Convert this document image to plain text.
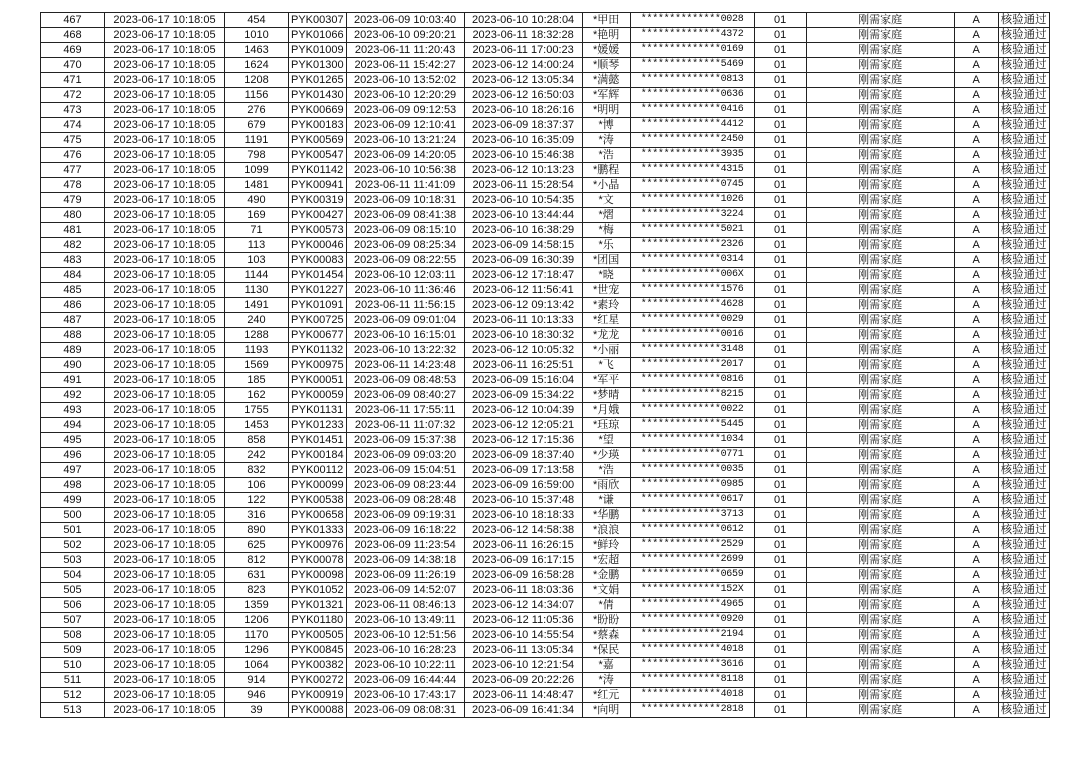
467	2023-06-17 10:18:05	454	PYK00307	2023-06-09 10:03:40	2023-06-10 10:28:04	*甲田	**************0028	01	刚需家庭	A	核验通过
468	2023-06-17 10:18:05	1010	PYK01066	2023-06-10 09:20:21	2023-06-11 18:32:28	*艳明	**************4372	01	刚需家庭	A	核验通过
469	2023-06-17 10:18:05	1463	PYK01009	2023-06-11 11:20:43	2023-06-11 17:00:23	*媛媛	**************0169	01	刚需家庭	A	核验通过
470	2023-06-17 10:18:05	1624	PYK01300	2023-06-11 15:42:27	2023-06-12 14:00:24	*顺琴	**************5469	01	刚需家庭	A	核验通过
471	2023-06-17 10:18:05	1208	PYK01265	2023-06-10 13:52:02	2023-06-12 13:05:34	*满懿	**************0813	01	刚需家庭	A	核验通过
472	2023-06-17 10:18:05	1156	PYK01430	2023-06-10 12:20:29	2023-06-12 16:50:03	*军辉	**************0636	01	刚需家庭	A	核验通过
473	2023-06-17 10:18:05	276	PYK00669	2023-06-09 09:12:53	2023-06-10 18:26:16	*明明	**************0416	01	刚需家庭	A	核验通过
474	2023-06-17 10:18:05	679	PYK00183	2023-06-09 12:10:41	2023-06-09 18:37:37	*博	**************4412	01	刚需家庭	A	核验通过
475	2023-06-17 10:18:05	1191	PYK00569	2023-06-10 13:21:24	2023-06-10 16:35:09	*涛	**************2450	01	刚需家庭	A	核验通过
476	2023-06-17 10:18:05	798	PYK00547	2023-06-09 14:20:05	2023-06-10 15:46:38	*浩	**************3935	01	刚需家庭	A	核验通过
477	2023-06-17 10:18:05	1099	PYK01142	2023-06-10 10:56:38	2023-06-12 10:13:23	*鹏程	**************4315	01	刚需家庭	A	核验通过
478	2023-06-17 10:18:05	1481	PYK00941	2023-06-11 11:41:09	2023-06-11 15:28:54	*小晶	**************0745	01	刚需家庭	A	核验通过
479	2023-06-17 10:18:05	490	PYK00319	2023-06-09 10:18:31	2023-06-10 10:54:35	*文	**************1026	01	刚需家庭	A	核验通过
480	2023-06-17 10:18:05	169	PYK00427	2023-06-09 08:41:38	2023-06-10 13:44:44	*熠	**************3224	01	刚需家庭	A	核验通过
481	2023-06-17 10:18:05	71	PYK00573	2023-06-09 08:15:10	2023-06-10 16:38:29	*梅	**************5021	01	刚需家庭	A	核验通过
482	2023-06-17 10:18:05	113	PYK00046	2023-06-09 08:25:34	2023-06-09 14:58:15	*乐	**************2326	01	刚需家庭	A	核验通过
483	2023-06-17 10:18:05	103	PYK00083	2023-06-09 08:22:55	2023-06-09 16:30:39	*团国	**************0314	01	刚需家庭	A	核验通过
484	2023-06-17 10:18:05	1144	PYK01454	2023-06-10 12:03:11	2023-06-12 17:18:47	*晓	**************006X	01	刚需家庭	A	核验通过
485	2023-06-17 10:18:05	1130	PYK01227	2023-06-10 11:36:46	2023-06-12 11:56:41	*世宠	**************1576	01	刚需家庭	A	核验通过
486	2023-06-17 10:18:05	1491	PYK01091	2023-06-11 11:56:15	2023-06-12 09:13:42	*素玲	**************4628	01	刚需家庭	A	核验通过
487	2023-06-17 10:18:05	240	PYK00725	2023-06-09 09:01:04	2023-06-11 10:13:33	*红星	**************0029	01	刚需家庭	A	核验通过
488	2023-06-17 10:18:05	1288	PYK00677	2023-06-10 16:15:01	2023-06-10 18:30:32	*龙龙	**************0016	01	刚需家庭	A	核验通过
489	2023-06-17 10:18:05	1193	PYK01132	2023-06-10 13:22:32	2023-06-12 10:05:32	*小丽	**************3148	01	刚需家庭	A	核验通过
490	2023-06-17 10:18:05	1569	PYK00975	2023-06-11 14:23:48	2023-06-11 16:25:51	*飞	**************2017	01	刚需家庭	A	核验通过
491	2023-06-17 10:18:05	185	PYK00051	2023-06-09 08:48:53	2023-06-09 15:16:04	*军平	**************0816	01	刚需家庭	A	核验通过
492	2023-06-17 10:18:05	162	PYK00059	2023-06-09 08:40:27	2023-06-09 15:34:22	*梦晴	**************8215	01	刚需家庭	A	核验通过
493	2023-06-17 10:18:05	1755	PYK01131	2023-06-11 17:55:11	2023-06-12 10:04:39	*月娥	**************0022	01	刚需家庭	A	核验通过
494	2023-06-17 10:18:05	1453	PYK01233	2023-06-11 11:07:32	2023-06-12 12:05:21	*珏琼	**************5445	01	刚需家庭	A	核验通过
495	2023-06-17 10:18:05	858	PYK01451	2023-06-09 15:37:38	2023-06-12 17:15:36	*望	**************1034	01	刚需家庭	A	核验通过
496	2023-06-17 10:18:05	242	PYK00184	2023-06-09 09:03:20	2023-06-09 18:37:40	*少瑛	**************0771	01	刚需家庭	A	核验通过
497	2023-06-17 10:18:05	832	PYK00112	2023-06-09 15:04:51	2023-06-09 17:13:58	*浩	**************0035	01	刚需家庭	A	核验通过
498	2023-06-17 10:18:05	106	PYK00099	2023-06-09 08:23:44	2023-06-09 16:59:00	*雨欣	**************0985	01	刚需家庭	A	核验通过
499	2023-06-17 10:18:05	122	PYK00538	2023-06-09 08:28:48	2023-06-10 15:37:48	*谦	**************0617	01	刚需家庭	A	核验通过
500	2023-06-17 10:18:05	316	PYK00658	2023-06-09 09:19:31	2023-06-10 18:18:33	*华鹏	**************3713	01	刚需家庭	A	核验通过
501	2023-06-17 10:18:05	890	PYK01333	2023-06-09 16:18:22	2023-06-12 14:58:38	*浪浪	**************0612	01	刚需家庭	A	核验通过
502	2023-06-17 10:18:05	625	PYK00976	2023-06-09 11:23:54	2023-06-11 16:26:15	*鲜玲	**************2529	01	刚需家庭	A	核验通过
503	2023-06-17 10:18:05	812	PYK00078	2023-06-09 14:38:18	2023-06-09 16:17:15	*宏超	**************2699	01	刚需家庭	A	核验通过
504	2023-06-17 10:18:05	631	PYK00098	2023-06-09 11:26:19	2023-06-09 16:58:28	*金鹏	**************0659	01	刚需家庭	A	核验通过
505	2023-06-17 10:18:05	823	PYK01052	2023-06-09 14:52:07	2023-06-11 18:03:36	*文娟	**************152X	01	刚需家庭	A	核验通过
506	2023-06-17 10:18:05	1359	PYK01321	2023-06-11 08:46:13	2023-06-12 14:34:07	*倩	**************4965	01	刚需家庭	A	核验通过
507	2023-06-17 10:18:05	1206	PYK01180	2023-06-10 13:49:11	2023-06-12 11:05:36	*盼盼	**************0920	01	刚需家庭	A	核验通过
508	2023-06-17 10:18:05	1170	PYK00505	2023-06-10 12:51:56	2023-06-10 14:55:54	*蔡森	**************2194	01	刚需家庭	A	核验通过
509	2023-06-17 10:18:05	1296	PYK00845	2023-06-10 16:28:23	2023-06-11 13:05:34	*保民	**************4018	01	刚需家庭	A	核验通过
510	2023-06-17 10:18:05	1064	PYK00382	2023-06-10 10:22:11	2023-06-10 12:21:54	*嘉	**************3616	01	刚需家庭	A	核验通过
511	2023-06-17 10:18:05	914	PYK00272	2023-06-09 16:44:44	2023-06-09 20:22:26	*涛	**************8118	01	刚需家庭	A	核验通过
512	2023-06-17 10:18:05	946	PYK00919	2023-06-10 17:43:17	2023-06-11 14:48:47	*红元	**************4018	01	刚需家庭	A	核验通过
513	2023-06-17 10:18:05	39	PYK00088	2023-06-09 08:08:31	2023-06-09 16:41:34	*向明	**************2818	01	刚需家庭	A	核验通过
